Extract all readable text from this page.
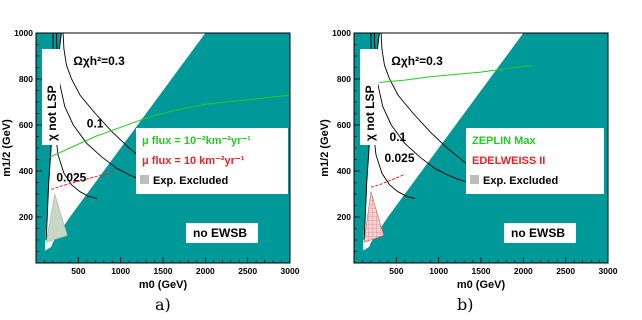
Ωχh²=0.3
0.1
0.025
μ flux = 10⁻²km⁻²yr⁻¹
μ flux = 10 km⁻²yr⁻¹
Exp. Excluded
no EWSB
χ not LSP
500	1000	1500	2000	2500	3000
200
400
600
800
1000
m0 (GeV)
m1/2 (GeV)
Ωχh²=0.3
0.1
0.025
ZEPLIN Max
EDELWEISS II
Exp. Excluded
no EWSB
χ not LSP
500	1000	1500	2000	2500	3000
200
400
600
800
1000
m0 (GeV)
m1/2 (GeV)
a)	b)
